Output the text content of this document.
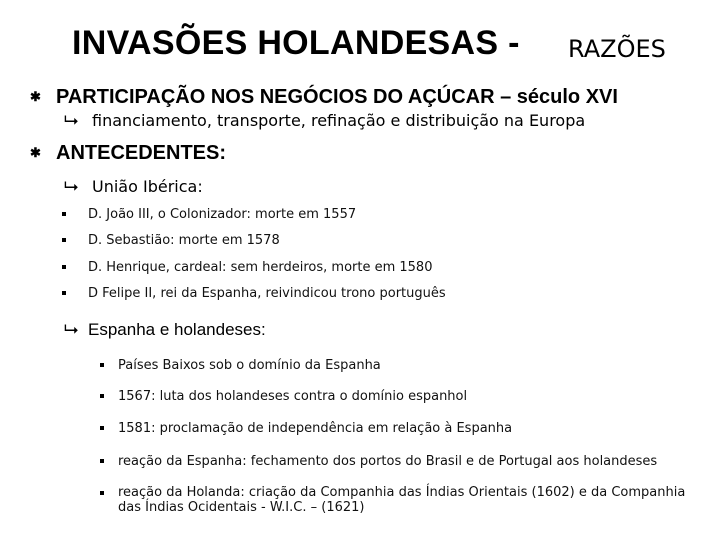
INVASÕES HOLANDESAS - RAZÕES
✱ PARTICIPAÇÃO NOS NEGÓCIOS DO AÇÚCAR – século XVI
⮡ financiamento, transporte, refinação e distribuição na Europa
✱ ANTECEDENTES:
⮡ União Ibérica:
D. João III, o Colonizador: morte em 1557
D. Sebastião: morte em 1578
D. Henrique, cardeal: sem herdeiros, morte em 1580
D Felipe II, rei da Espanha, reivindicou trono português
⮡ Espanha e holandeses:
Países Baixos sob o domínio da Espanha
1567: luta dos holandeses contra o domínio espanhol
1581: proclamação de independência em relação à Espanha
reação da Espanha: fechamento dos portos do Brasil e de Portugal aos holandeses
reação da Holanda: criação da Companhia das Índias Orientais (1602) e da Companhia das Índias Ocidentais - W.I.C. – (1621)
